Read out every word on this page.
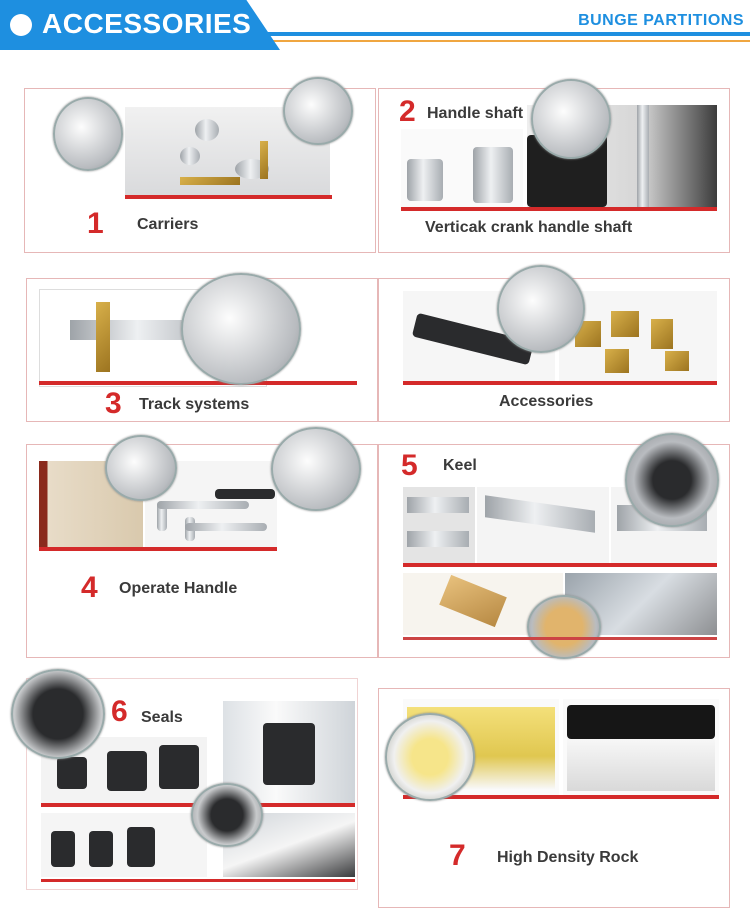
ACCESSORIES	BUNGE PARTITIONS
1 Carriers
2 Handle shaft
Verticak crank handle shaft
3 Track systems	Accessories
4 Operate Handle
5 Keel
6 Seals
7 High Density Rock
